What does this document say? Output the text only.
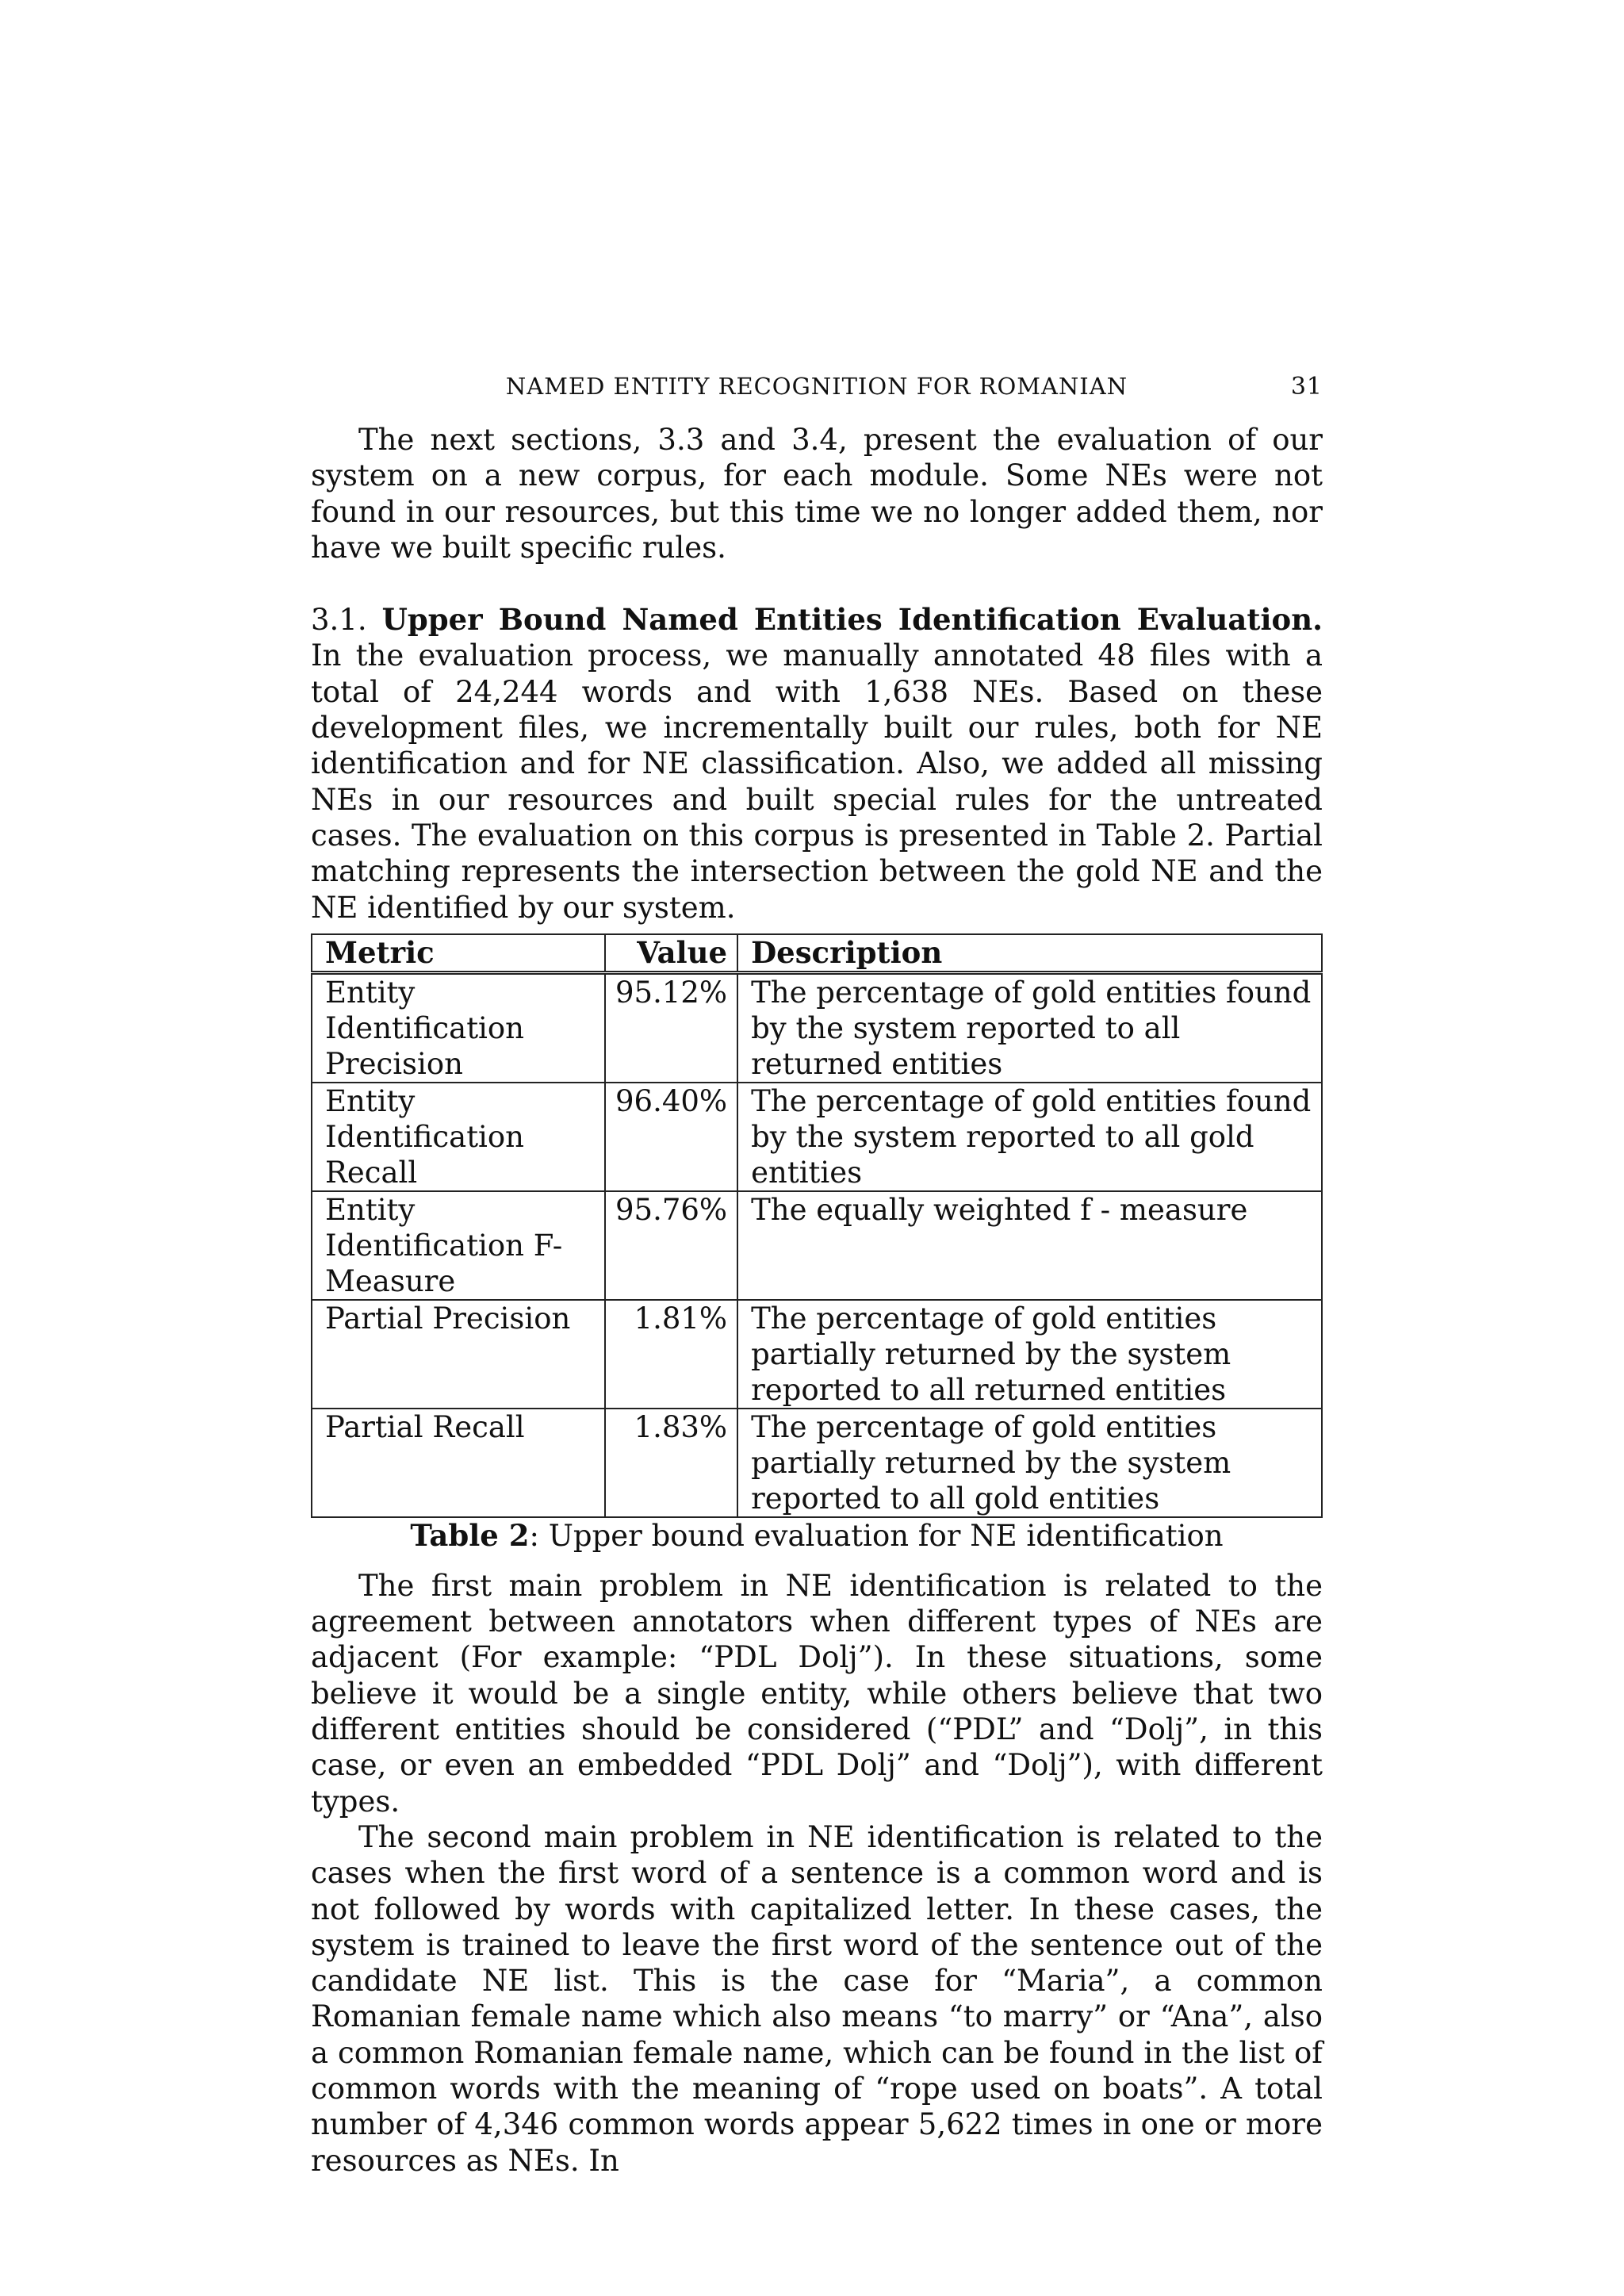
NAMED ENTITY RECOGNITION FOR ROMANIAN	31

The next sections, 3.3 and 3.4, present the evaluation of our system on a new corpus, for each module. Some NEs were not found in our resources, but this time we no longer added them, nor have we built specific rules.

3.1. Upper Bound Named Entities Identification Evaluation. In the evaluation process, we manually annotated 48 files with a total of 24,244 words and with 1,638 NEs. Based on these development files, we incrementally built our rules, both for NE identification and for NE classification. Also, we added all missing NEs in our resources and built special rules for the untreated cases. The evaluation on this corpus is presented in Table 2. Partial matching represents the intersection between the gold NE and the NE identified by our system.

Metric	Value	Description
Entity Identification Precision	95.12%	The percentage of gold entities found by the system reported to all returned entities
Entity Identification Recall	96.40%	The percentage of gold entities found by the system reported to all gold entities
Entity Identification F-Measure	95.76%	The equally weighted f - measure
Partial Precision	1.81%	The percentage of gold entities partially returned by the system reported to all returned entities
Partial Recall	1.83%	The percentage of gold entities partially returned by the system reported to all gold entities
Table 2: Upper bound evaluation for NE identification

The first main problem in NE identification is related to the agreement between annotators when different types of NEs are adjacent (For example: “PDL Dolj”). In these situations, some believe it would be a single entity, while others believe that two different entities should be considered (“PDL” and “Dolj”, in this case, or even an embedded “PDL Dolj” and “Dolj”), with different types.

The second main problem in NE identification is related to the cases when the first word of a sentence is a common word and is not followed by words with capitalized letter. In these cases, the system is trained to leave the first word of the sentence out of the candidate NE list. This is the case for “Maria”, a common Romanian female name which also means “to marry” or “Ana”, also a common Romanian female name, which can be found in the list of common words with the meaning of “rope used on boats”. A total number of 4,346 common words appear 5,622 times in one or more resources as NEs. In
